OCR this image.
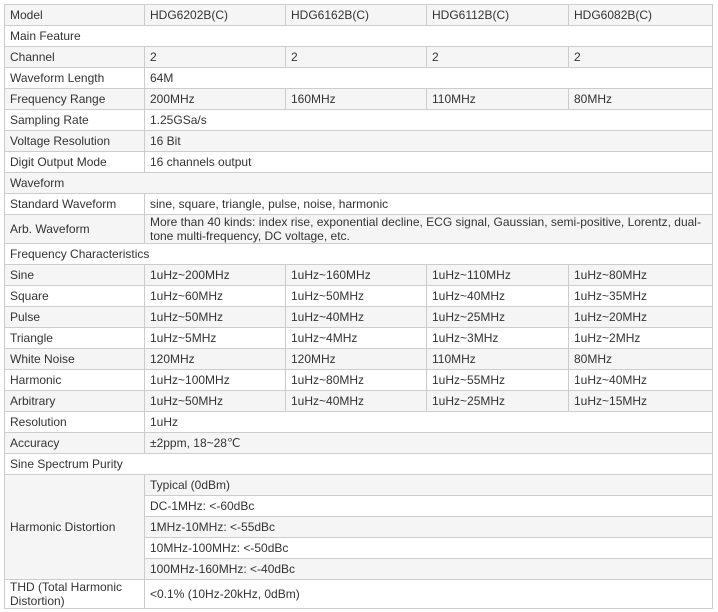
Model	HDG6202B(C)	HDG6162B(C)	HDG6112B(C)	HDG6082B(C)
Main Feature				
Channel	2	2	2	2
Waveform Length	64M			
Frequency Range	200MHz	160MHz	110MHz	80MHz
Sampling Rate	1.25GSa/s			
Voltage Resolution	16 Bit			
Digit Output Mode	16 channels output			
Waveform				
Standard Waveform	sine, square, triangle, pulse, noise, harmonic			
Arb. Waveform	More than 40 kinds: index rise, exponential decline, ECG signal, Gaussian, semi-positive, Lorentz, dual-tone multi-frequency, DC voltage, etc.			
Frequency Characteristics				
Sine	1uHz~200MHz	1uHz~160MHz	1uHz~110MHz	1uHz~80MHz
Square	1uHz~60MHz	1uHz~50MHz	1uHz~40MHz	1uHz~35MHz
Pulse	1uHz~50MHz	1uHz~40MHz	1uHz~25MHz	1uHz~20MHz
Triangle	1uHz~5MHz	1uHz~4MHz	1uHz~3MHz	1uHz~2MHz
White Noise	120MHz	120MHz	110MHz	80MHz
Harmonic	1uHz~100MHz	1uHz~80MHz	1uHz~55MHz	1uHz~40MHz
Arbitrary	1uHz~50MHz	1uHz~40MHz	1uHz~25MHz	1uHz~15MHz
Resolution	1uHz			
Accuracy	±2ppm, 18~28℃			
Sine Spectrum Purity				
Harmonic Distortion	Typical (0dBm)			
	DC-1MHz: <-60dBc			
	1MHz-10MHz: <-55dBc			
	10MHz-100MHz: <-50dBc			
	100MHz-160MHz: <-40dBc			
THD (Total Harmonic Distortion)	<0.1% (10Hz-20kHz, 0dBm)			
